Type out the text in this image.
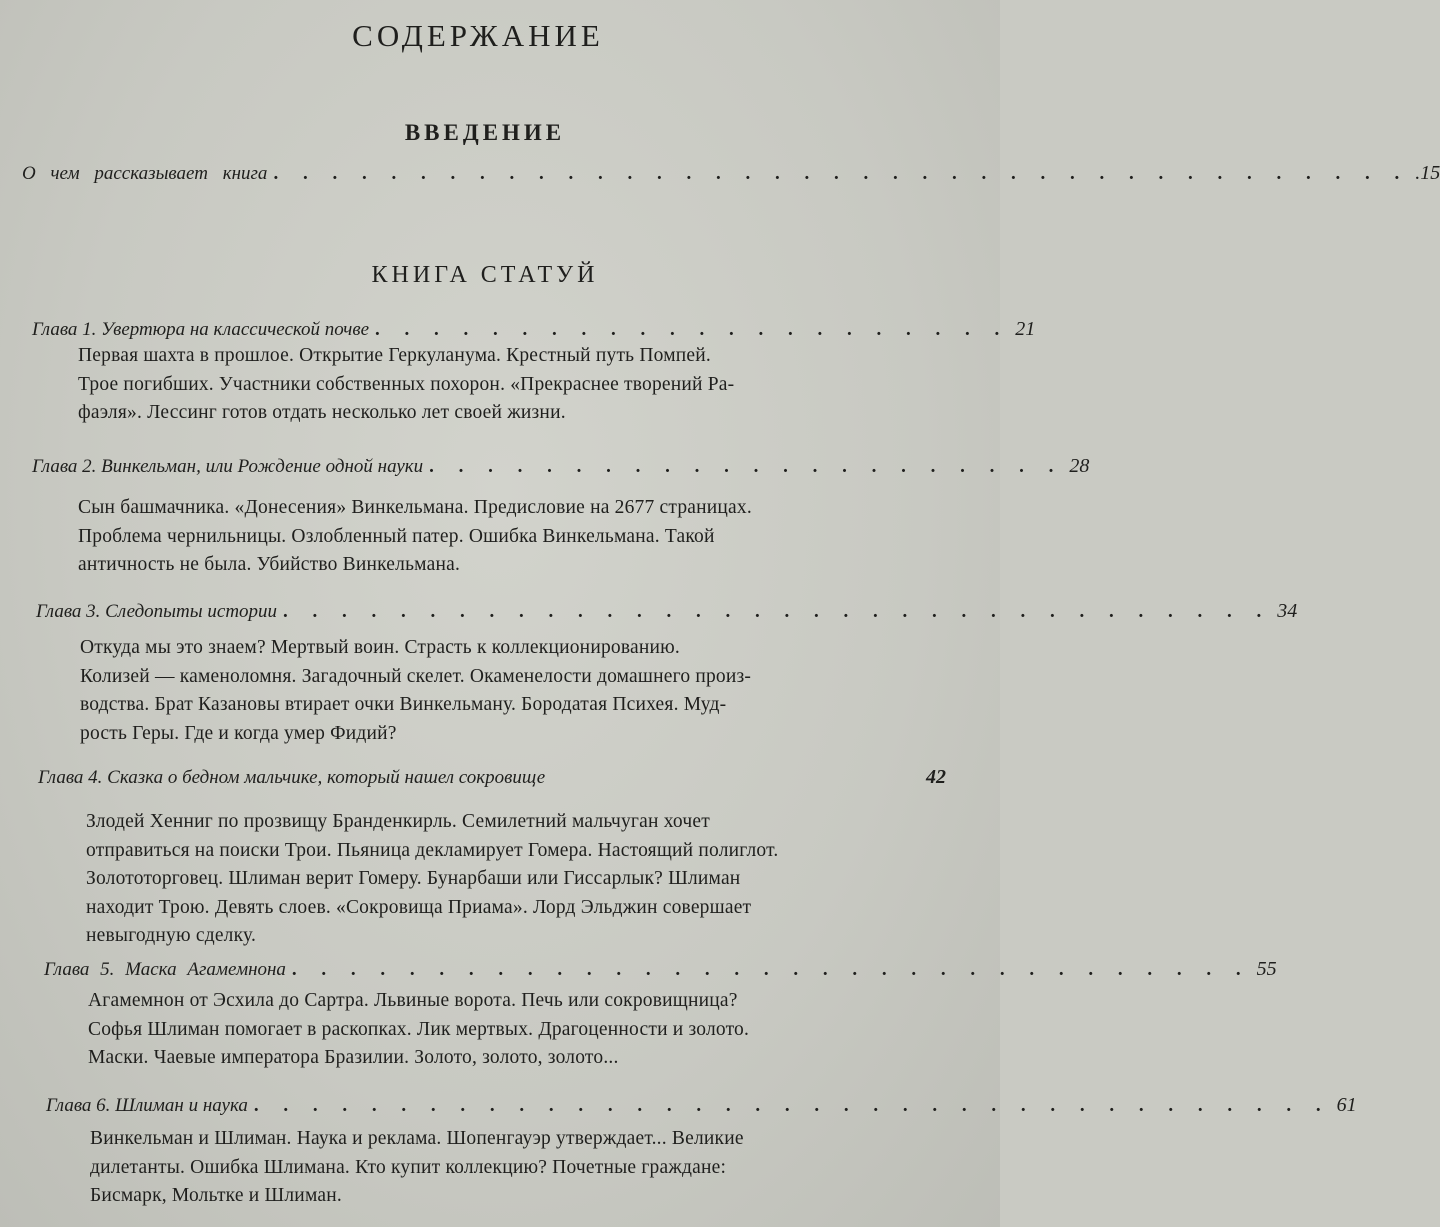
СОДЕРЖАНИЕ
ВВЕДЕНИЕ
О чем рассказывает книга . . . . . . . . . . . . . . . . . . . . . . . . . . . . . . . . . . . . . . . .15
КНИГА СТАТУЙ
Глава 1. Увертюра на классической почве . . . . . . . . . . . . . . . . . . . . . . 21
Первая шахта в прошлое. Открытие Геркуланума. Крестный путь Помпей.
Трое погибших. Участники собственных похорон. «Прекраснее творений Ра-
фаэля». Лессинг готов отдать несколько лет своей жизни.
Глава 2. Винкельман, или Рождение одной науки . . . . . . . . . . . . . . . . . . . . . . 28
Сын башмачника. «Донесения» Винкельмана. Предисловие на 2677 страницах.
Проблема чернильницы. Озлобленный патер. Ошибка Винкельмана. Такой
античность не была. Убийство Винкельмана.
Глава 3. Следопыты истории . . . . . . . . . . . . . . . . . . . . . . . . . . . . . . . . . . 34
Откуда мы это знаем? Мертвый воин. Страсть к коллекционированию.
Колизей — каменоломня. Загадочный скелет. Окаменелости домашнего произ-
водства. Брат Казановы втирает очки Винкельману. Бородатая Психея. Муд-
рость Геры. Где и когда умер Фидий?
Глава 4. Сказка о бедном мальчике, который нашел сокровище	42
Злодей Хенниг по прозвищу Бранденкирль. Семилетний мальчуган хочет
отправиться на поиски Трои. Пьяница декламирует Гомера. Настоящий полиглот.
Золототорговец. Шлиман верит Гомеру. Бунарбаши или Гиссарлык? Шлиман
находит Трою. Девять слоев. «Сокровища Приама». Лорд Эльджин совершает
невыгодную сделку.
Глава 5. Маска Агамемнона . . . . . . . . . . . . . . . . . . . . . . . . . . . . . . . . . 55
Агамемнон от Эсхила до Сартра. Львиные ворота. Печь или сокровищница?
Софья Шлиман помогает в раскопках. Лик мертвых. Драгоценности и золото.
Маски. Чаевые императора Бразилии. Золото, золото, золото...
Глава 6. Шлиман и наука . . . . . . . . . . . . . . . . . . . . . . . . . . . . . . . . . . . . . 61
Винкельман и Шлиман. Наука и реклама. Шопенгауэр утверждает... Великие
дилетанты. Ошибка Шлимана. Кто купит коллекцию? Почетные граждане:
Бисмарк, Мольтке и Шлиман.
